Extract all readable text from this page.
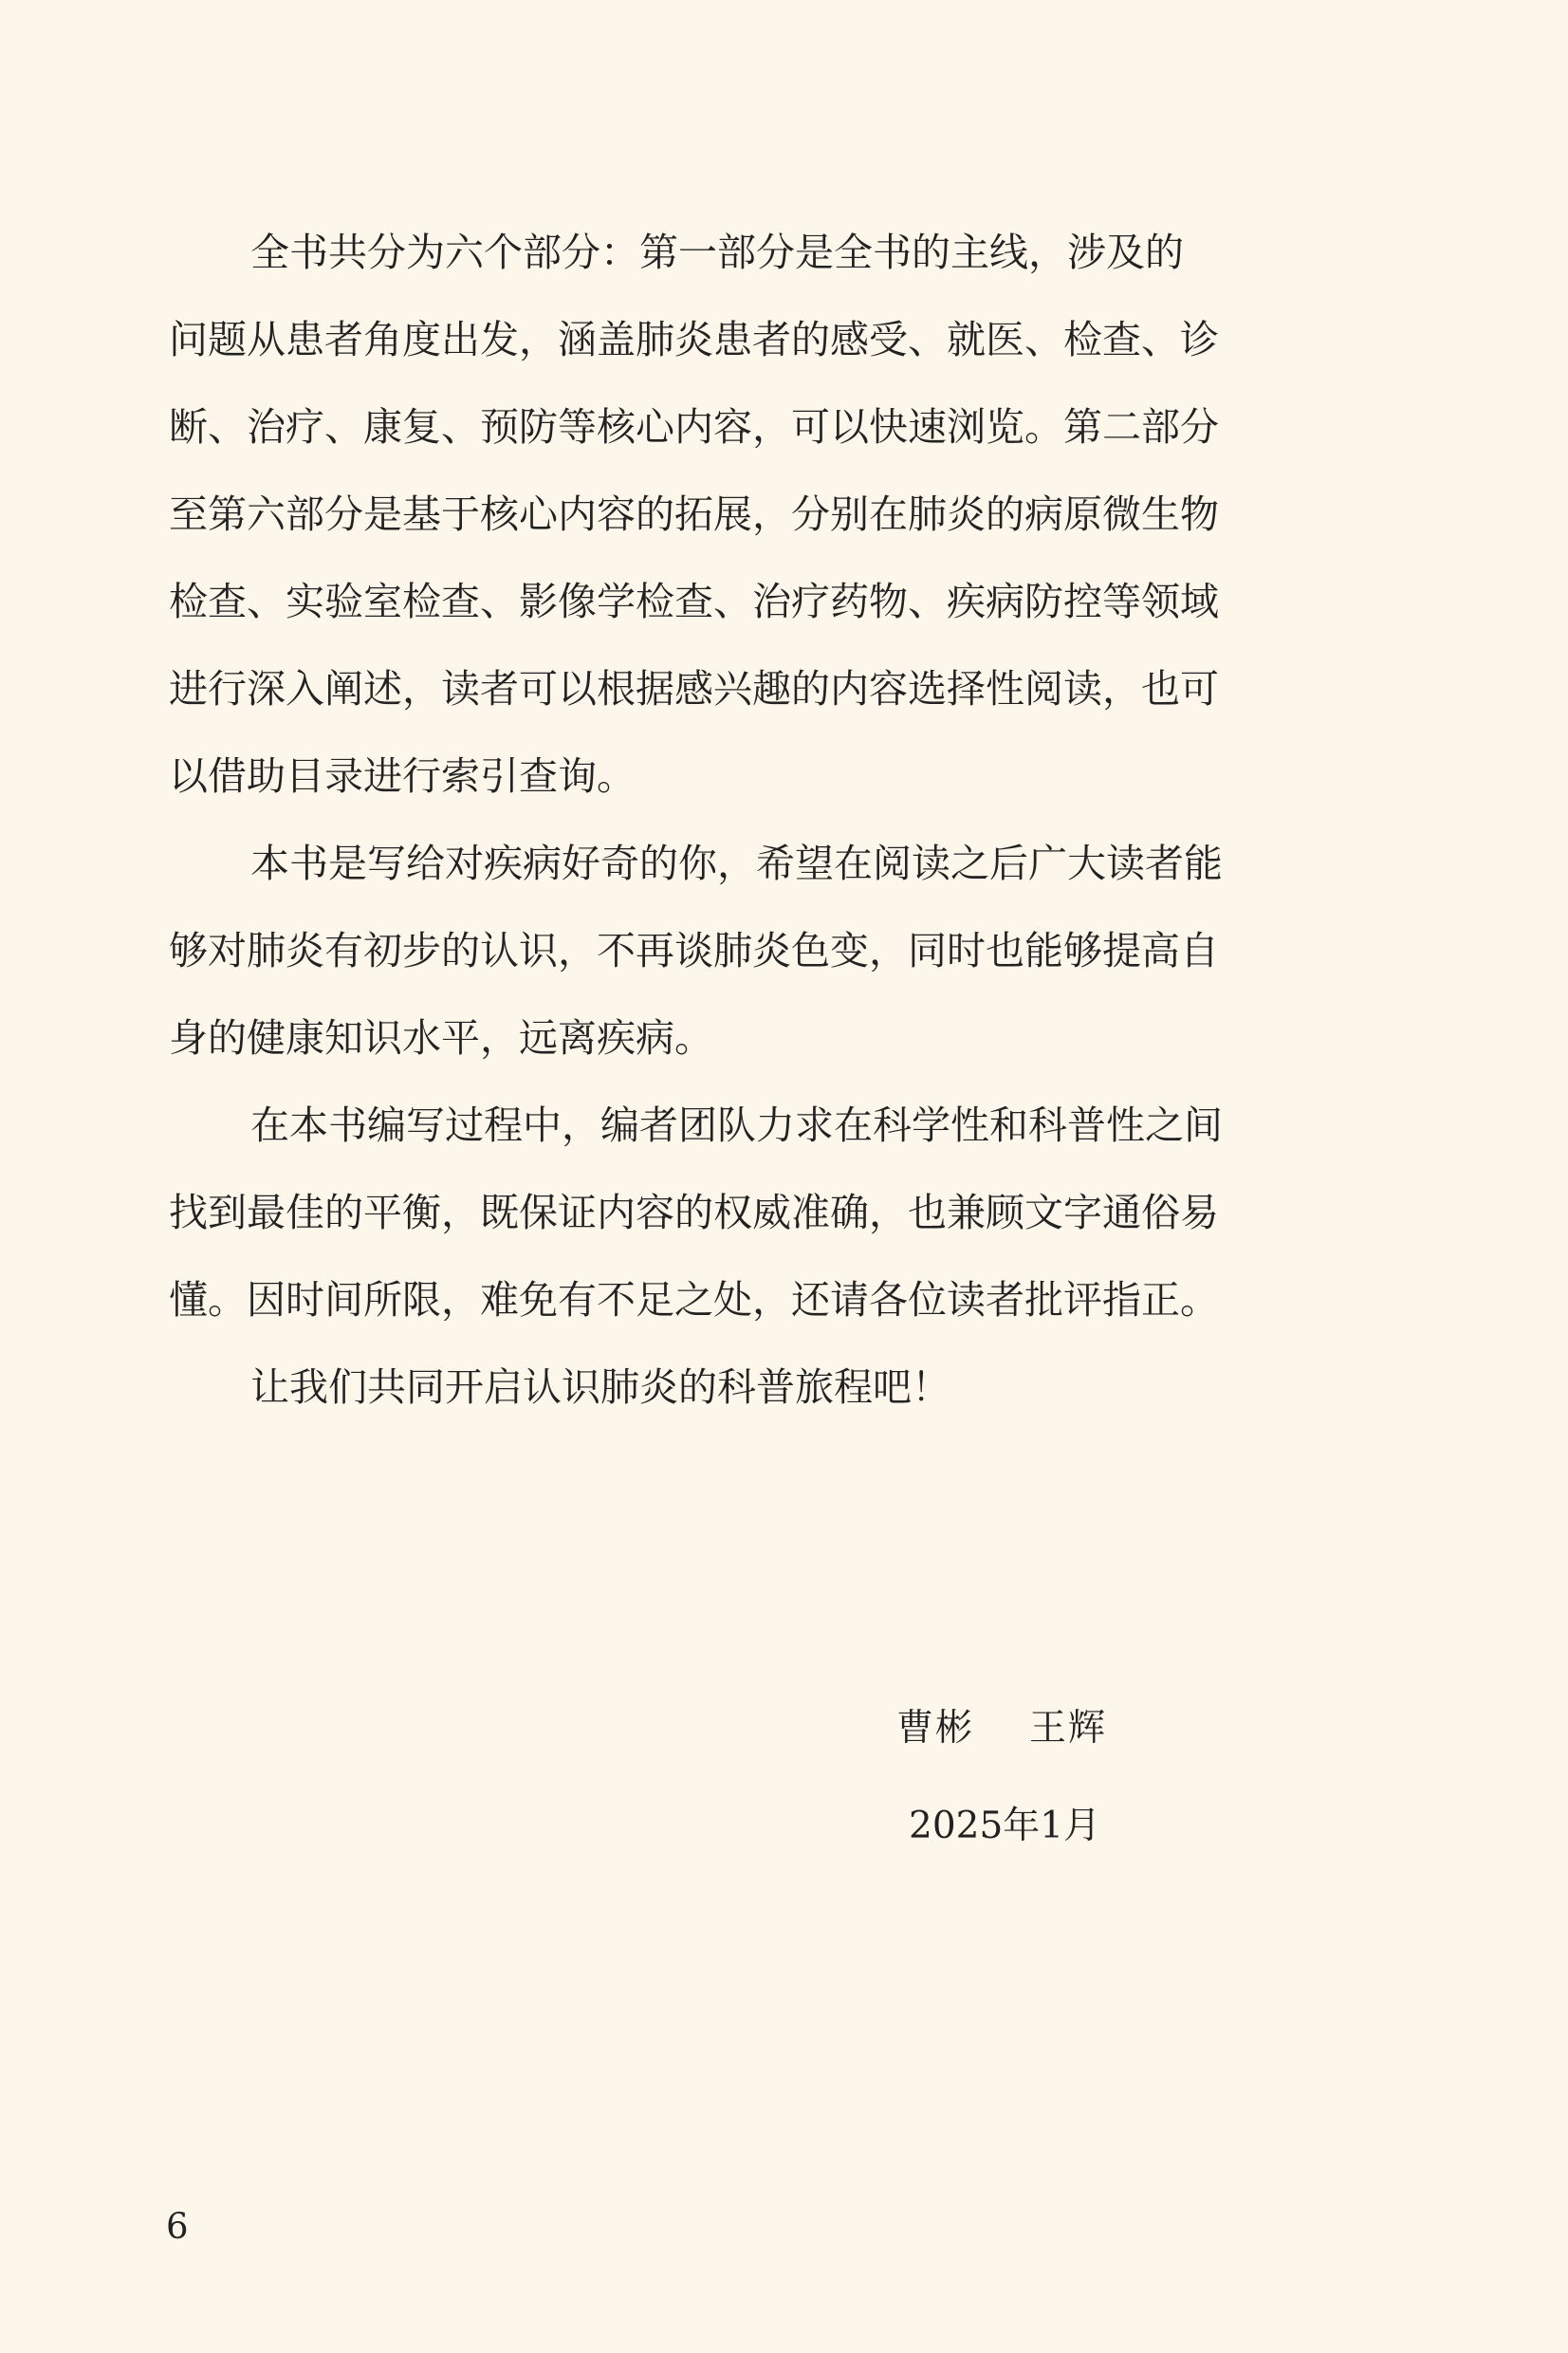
全书共分为六个部分：第一部分是全书的主线，涉及的
问题从患者角度出发，涵盖肺炎患者的感受、就医、检查、诊
断、治疗、康复、预防等核心内容，可以快速浏览。第二部分
至第六部分是基于核心内容的拓展，分别在肺炎的病原微生物
检查、实验室检查、影像学检查、治疗药物、疾病防控等领域
进行深入阐述，读者可以根据感兴趣的内容选择性阅读，也可
以借助目录进行索引查询。
本书是写给对疾病好奇的你，希望在阅读之后广大读者能
够对肺炎有初步的认识，不再谈肺炎色变，同时也能够提高自
身的健康知识水平，远离疾病。
在本书编写过程中，编者团队力求在科学性和科普性之间
找到最佳的平衡，既保证内容的权威准确，也兼顾文字通俗易
懂。因时间所限，难免有不足之处，还请各位读者批评指正。
让我们共同开启认识肺炎的科普旅程吧！
曹彬 王辉
2025年1月
6
